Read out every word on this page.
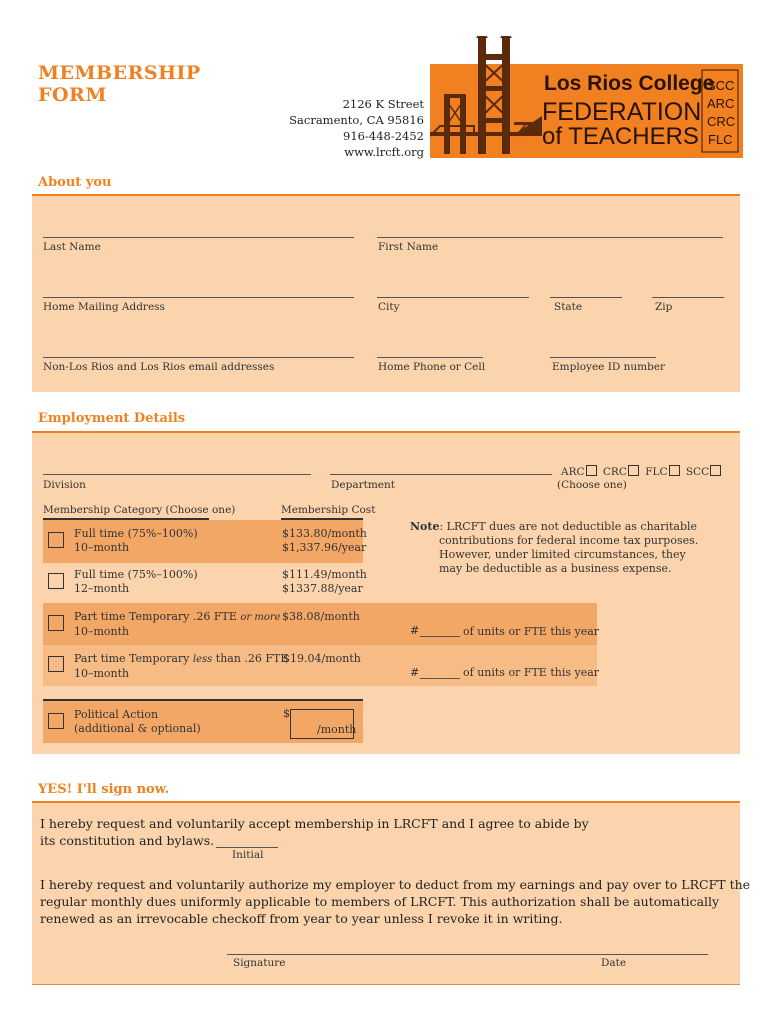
MEMBERSHIP
FORM	2126 K Street
Sacramento, CA 95816
916-448-2452
www.lrcft.org
Los Rios College
FEDERATION
of TEACHERS
SCC
ARC
CRC
FLC
About you
Last Name	First Name
Home Mailing Address	City	State	Zip
Non-Los Rios and Los Rios email addresses	Home Phone or Cell	Employee ID number
Employment Details
Division	Department
ARC CRC FLC SCC
(Choose one)
Membership Category (Choose one)	Membership Cost
Full time (75%–100%)
10–month
$133.80/month
$1,337.96/year
Full time (75%–100%)
12–month
$111.49/month
$1337.88/year
Note: LRCFT dues are not deductible as charitable
contributions for federal income tax purposes.
However, under limited circumstances, they
may be deductible as a business expense.
Part time Temporary .26 FTE or more
10–month
$38.08/month
#	of units or FTE this year
Part time Temporary less than .26 FTE
10–month
$19.04/month
#	of units or FTE this year
Political Action
(additional & optional)
$
/month
YES! I'll sign now.
I hereby request and voluntarily accept membership in LRCFT and I agree to abide by
its constitution and bylaws.
Initial
I hereby request and voluntarily authorize my employer to deduct from my earnings and pay over to LRCFT the
regular monthly dues uniformly applicable to members of LRCFT. This authorization shall be automatically
renewed as an irrevocable checkoff from year to year unless I revoke it in writing.
Signature	Date
